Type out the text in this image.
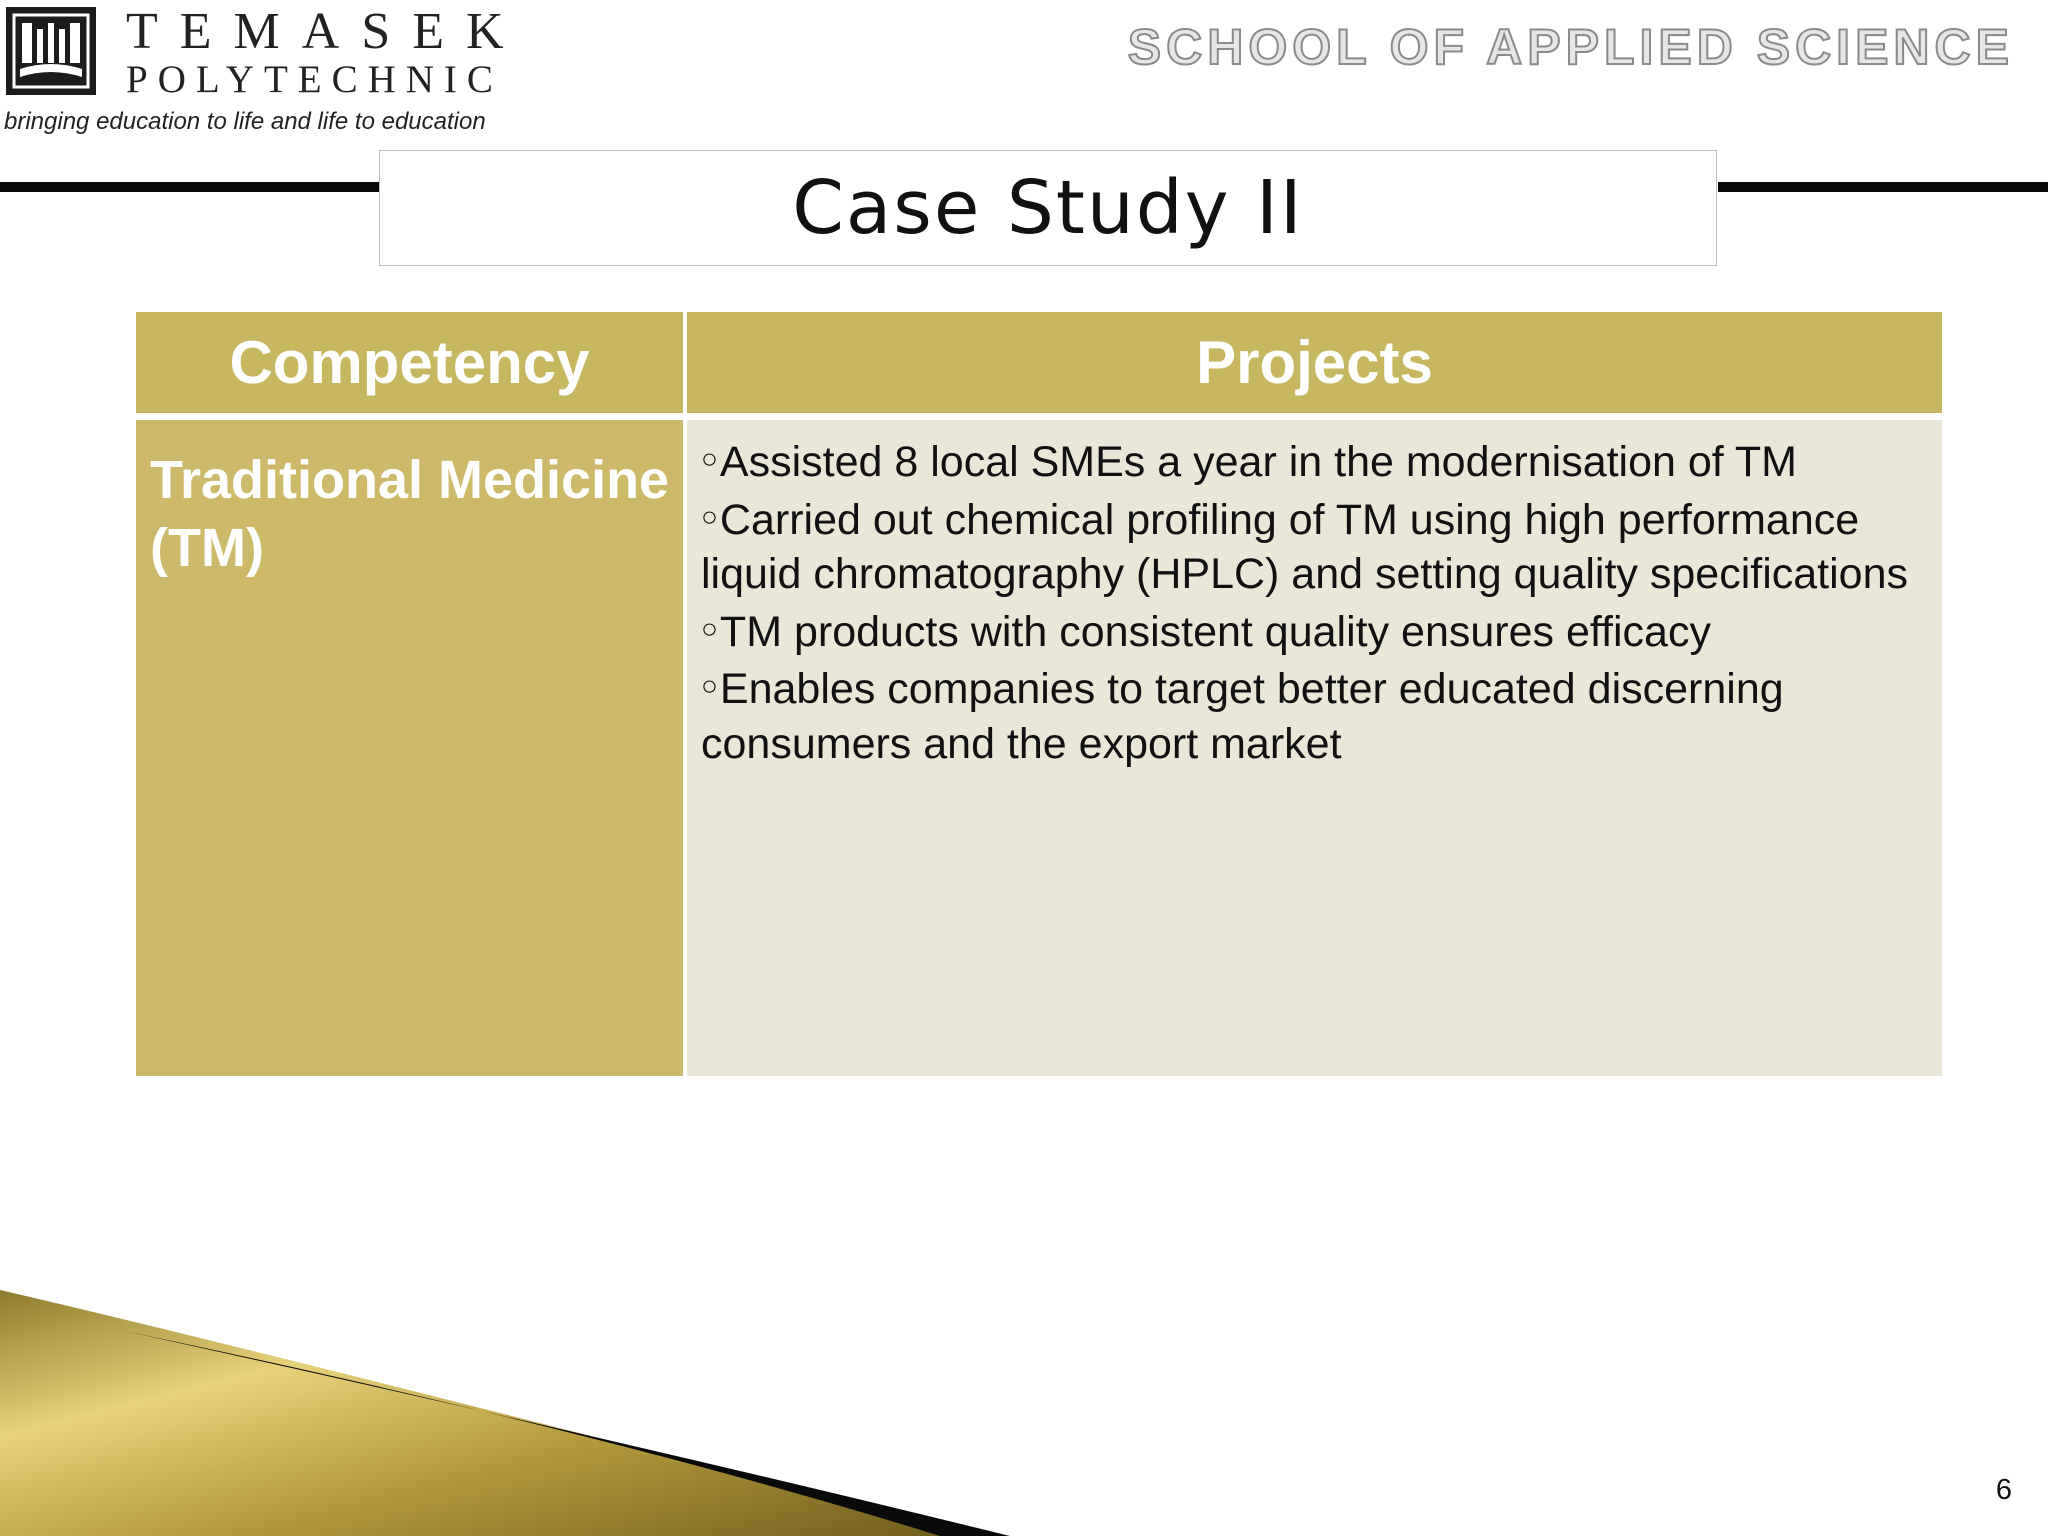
TEMASEK
POLYTECHNIC
bringing education to life and life to education
SCHOOL OF APPLIED SCIENCE
Case Study II
Competency	Projects
Traditional Medicine (TM)

○Assisted 8 local SMEs a year in the modernisation of TM

○Carried out chemical profiling of TM using high performance liquid chromatography (HPLC) and setting quality specifications

○TM products with consistent quality ensures efficacy

○Enables companies to target better educated discerning consumers and the export market

6
